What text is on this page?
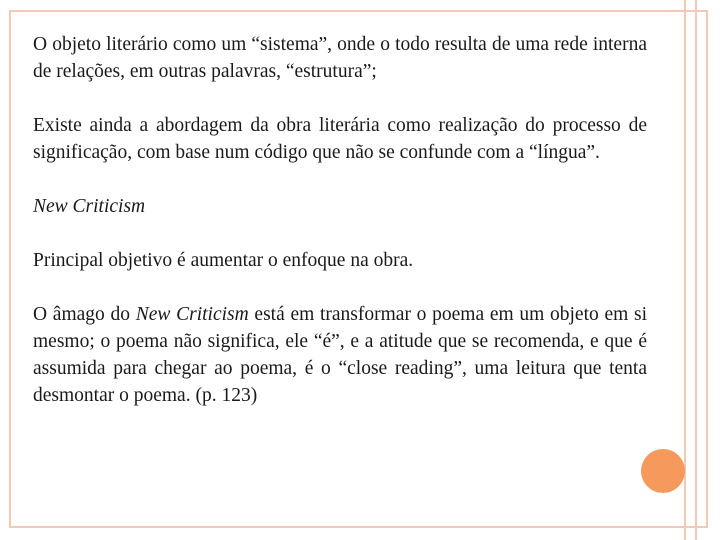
O objeto literário como um “sistema”, onde o todo resulta de uma rede interna de relações, em outras palavras, “estrutura”;

Existe ainda a abordagem da obra literária como realização do processo de significação, com base num código que não se confunde com a “língua”.

New Criticism

Principal objetivo é aumentar o enfoque na obra.

O âmago do New Criticism está em transformar o poema em um objeto em si mesmo; o poema não significa, ele “é”, e a atitude que se recomenda, e que é assumida para chegar ao poema, é o “close reading”, uma leitura que tenta desmontar o poema. (p. 123)
